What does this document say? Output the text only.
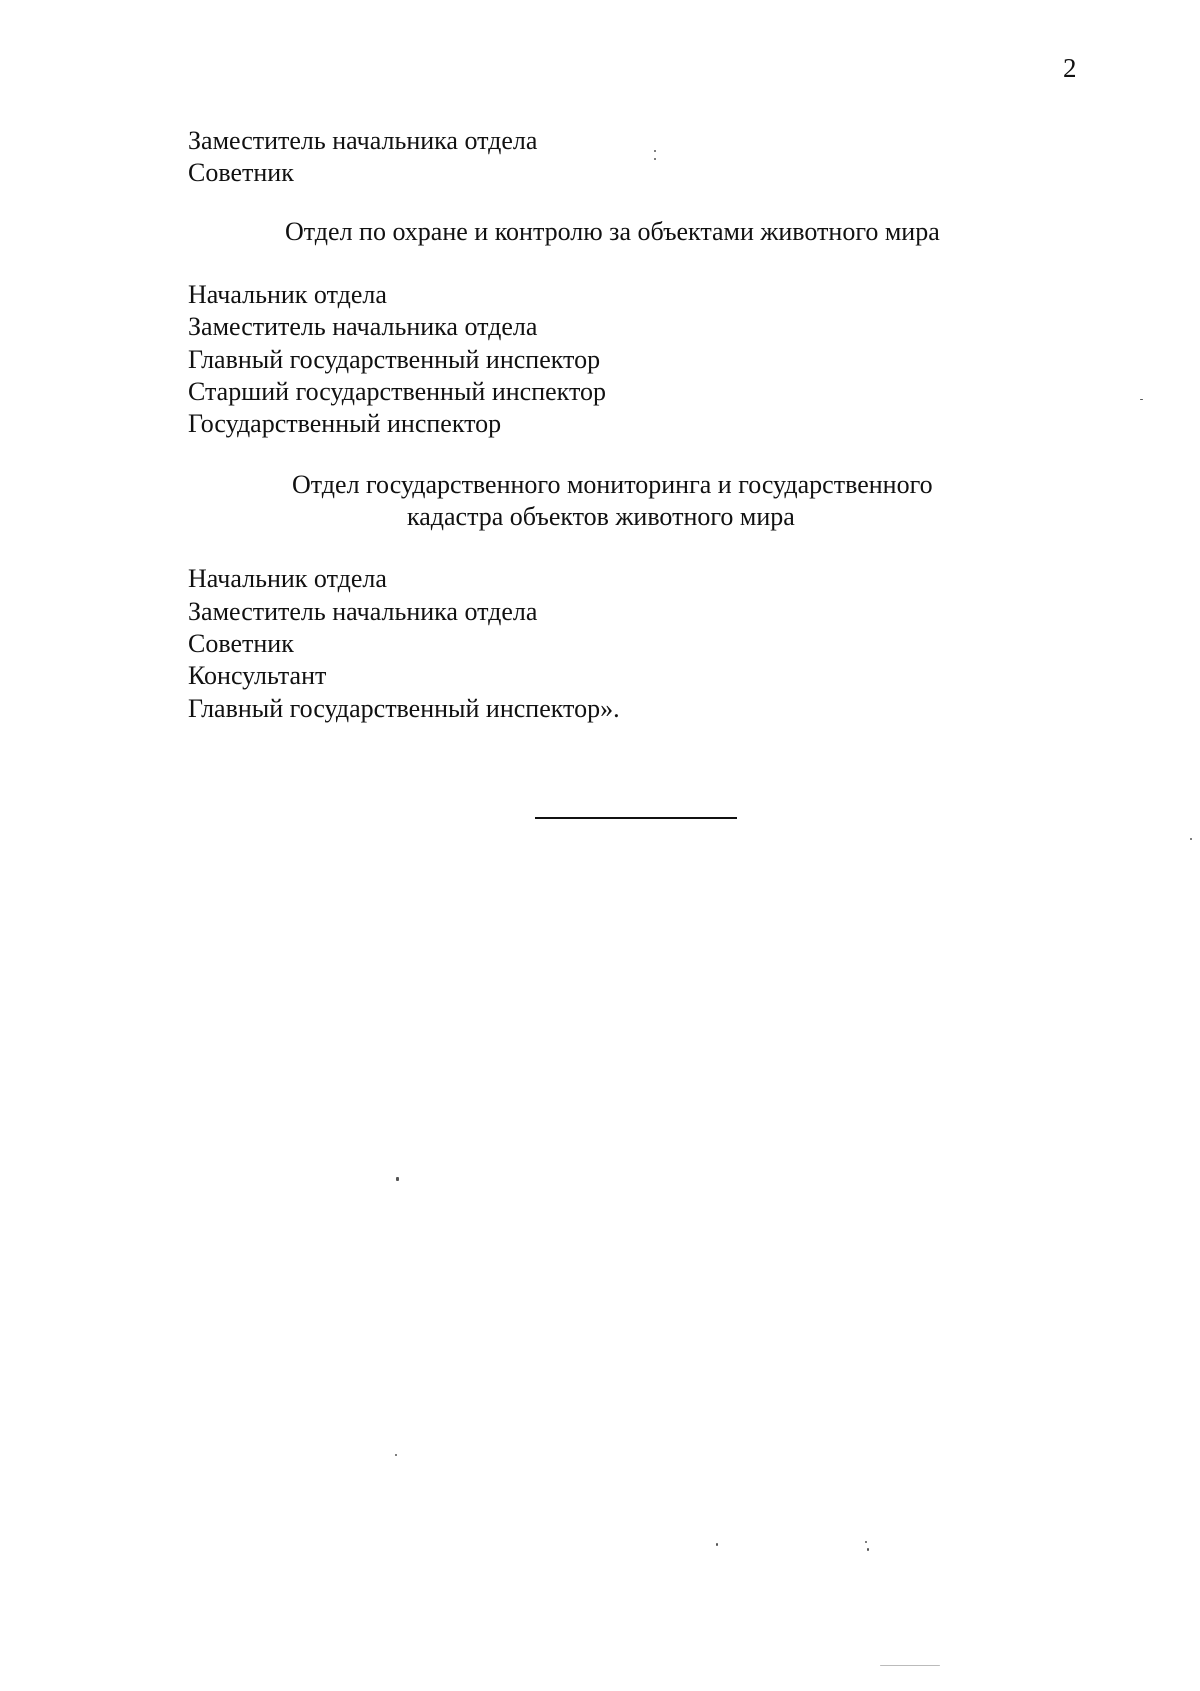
2
Заместитель начальника отдела
Советник
Отдел по охране и контролю за объектами животного мира
Начальник отдела
Заместитель начальника отдела
Главный государственный инспектор
Старший государственный инспектор
Государственный инспектор
Отдел государственного мониторинга и государственного
кадастра объектов животного мира
Начальник отдела
Заместитель начальника отдела
Советник
Консультант
Главный государственный инспектор».
